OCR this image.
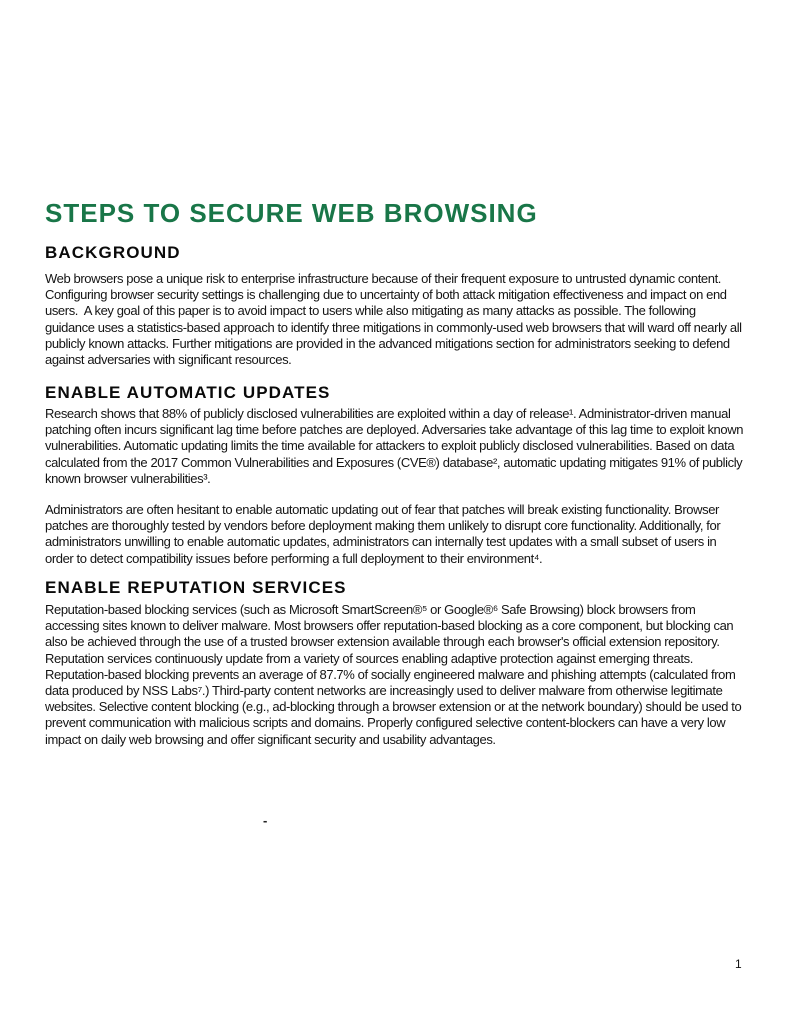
STEPS TO SECURE WEB BROWSING
BACKGROUND

Web browsers pose a unique risk to enterprise infrastructure because of their frequent exposure to untrusted dynamic content. Configuring browser security settings is challenging due to uncertainty of both attack mitigation effectiveness and impact on end users.  A key goal of this paper is to avoid impact to users while also mitigating as many attacks as possible. The following guidance uses a statistics-based approach to identify three mitigations in commonly-used web browsers that will ward off nearly all publicly known attacks. Further mitigations are provided in the advanced mitigations section for administrators seeking to defend against adversaries with significant resources.

ENABLE AUTOMATIC UPDATES

Research shows that 88% of publicly disclosed vulnerabilities are exploited within a day of release¹. Administrator-driven manual patching often incurs significant lag time before patches are deployed. Adversaries take advantage of this lag time to exploit known vulnerabilities. Automatic updating limits the time available for attackers to exploit publicly disclosed vulnerabilities. Based on data calculated from the 2017 Common Vulnerabilities and Exposures (CVE®) database², automatic updating mitigates 91% of publicly known browser vulnerabilities³.

Administrators are often hesitant to enable automatic updating out of fear that patches will break existing functionality. Browser patches are thoroughly tested by vendors before deployment making them unlikely to disrupt core functionality. Additionally, for administrators unwilling to enable automatic updates, administrators can internally test updates with a small subset of users in order to detect compatibility issues before performing a full deployment to their environment⁴.

ENABLE REPUTATION SERVICES

Reputation-based blocking services (such as Microsoft SmartScreen®⁵ or Google®⁶ Safe Browsing) block browsers from accessing sites known to deliver malware. Most browsers offer reputation-based blocking as a core component, but blocking can also be achieved through the use of a trusted browser extension available through each browser's official extension repository. Reputation services continuously update from a variety of sources enabling adaptive protection against emerging threats.  Reputation-based blocking prevents an average of 87.7% of socially engineered malware and phishing attempts (calculated from data produced by NSS Labs⁷.) Third-party content networks are increasingly used to deliver malware from otherwise legitimate websites. Selective content blocking (e.g., ad-blocking through a browser extension or at the network boundary) should be used to prevent communication with malicious scripts and domains. Properly configured selective content-blockers can have a very low impact on daily web browsing and offer significant security and usability advantages.

-
1
